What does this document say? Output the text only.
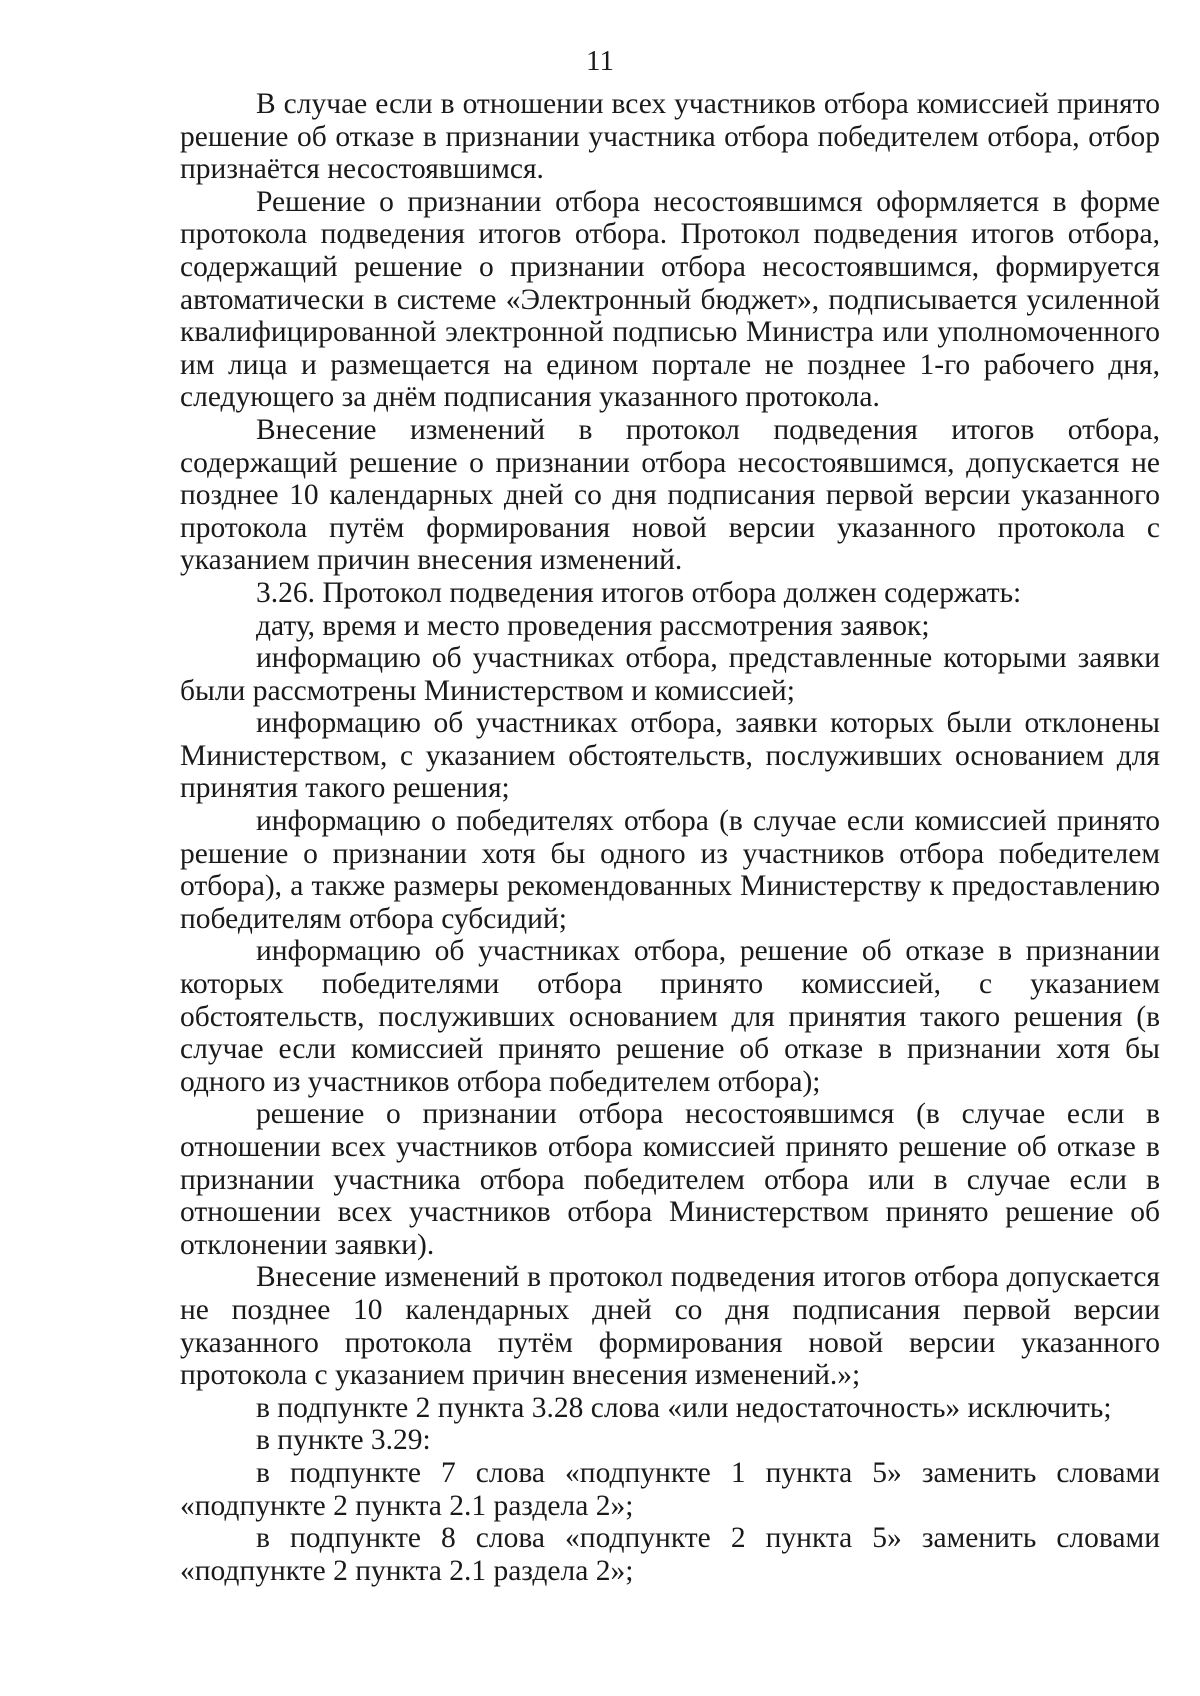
11

В случае если в отношении всех участников отбора комиссией принято решение об отказе в признании участника отбора победителем отбора, отбор признаётся несостоявшимся.

Решение о признании отбора несостоявшимся оформляется в форме протокола подведения итогов отбора. Протокол подведения итогов отбора, содержащий решение о признании отбора несостоявшимся, формируется автоматически в системе «Электронный бюджет», подписывается усиленной квалифицированной электронной подписью Министра или уполномоченного им лица и размещается на едином портале не позднее 1-го рабочего дня, следующего за днём подписания указанного протокола.

Внесение изменений в протокол подведения итогов отбора, содержащий решение о признании отбора несостоявшимся, допускается не позднее 10 календарных дней со дня подписания первой версии указанного протокола путём формирования новой версии указанного протокола с указанием причин внесения изменений.

3.26. Протокол подведения итогов отбора должен содержать:

дату, время и место проведения рассмотрения заявок;

информацию об участниках отбора, представленные которыми заявки были рассмотрены Министерством и комиссией;

информацию об участниках отбора, заявки которых были отклонены Министерством, с указанием обстоятельств, послуживших основанием для принятия такого решения;

информацию о победителях отбора (в случае если комиссией принято решение о признании хотя бы одного из участников отбора победителем отбора), а также размеры рекомендованных Министерству к предоставлению победителям отбора субсидий;

информацию об участниках отбора, решение об отказе в признании которых победителями отбора принято комиссией, с указанием обстоятельств, послуживших основанием для принятия такого решения (в случае если комиссией принято решение об отказе в признании хотя бы одного из участников отбора победителем отбора);

решение о признании отбора несостоявшимся (в случае если в отношении всех участников отбора комиссией принято решение об отказе в признании участника отбора победителем отбора или в случае если в отношении всех участников отбора Министерством принято решение об отклонении заявки).

Внесение изменений в протокол подведения итогов отбора допускается не позднее 10 календарных дней со дня подписания первой версии указанного протокола путём формирования новой версии указанного протокола с указанием причин внесения изменений.»;

в подпункте 2 пункта 3.28 слова «или недостаточность» исключить;

в пункте 3.29:

в подпункте 7 слова «подпункте 1 пункта 5» заменить словами «подпункте 2 пункта 2.1 раздела 2»;

в подпункте 8 слова «подпункте 2 пункта 5» заменить словами «подпункте 2 пункта 2.1 раздела 2»;
